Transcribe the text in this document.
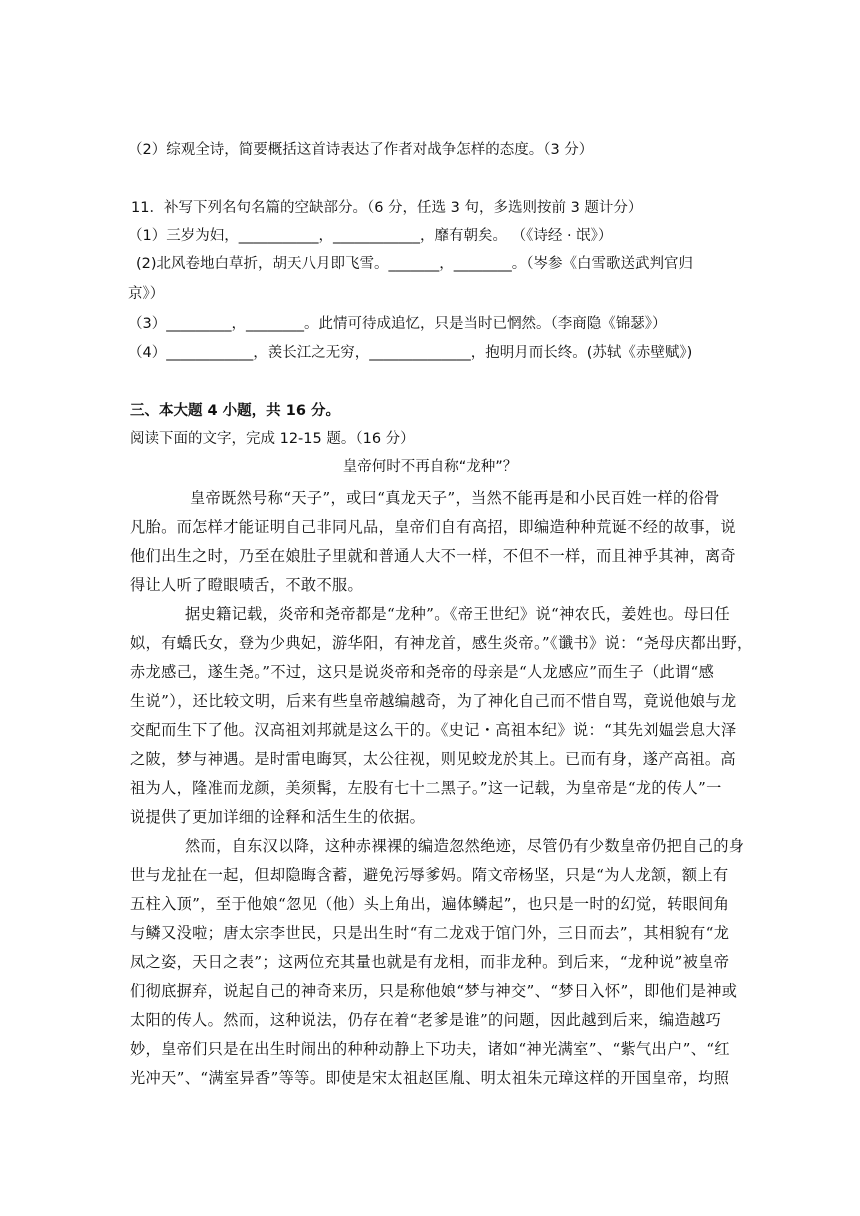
（2）综观全诗，简要概括这首诗表达了作者对战争怎样的态度。（3 分）
11．补写下列名句名篇的空缺部分。（6 分，任选 3 句，多选则按前 3 题计分）
（1）三岁为妇，___________，____________，靡有朝矣。 （《诗经 · 氓》）
(2)北风卷地白草折，胡天八月即飞雪。_______，________。（岑参《白雪歌送武判官归
京》）
（3）_________，________。此情可待成追忆，只是当时已惘然。（李商隐《锦瑟》）
（4）____________，羡长江之无穷，______________，抱明月而长终。(苏轼《赤壁赋》)
三、本大题 4 小题，共 16 分。
阅读下面的文字，完成 12-15 题。（16 分）
皇帝何时不再自称“龙种”？
皇帝既然号称“天子”，或曰“真龙天子”，当然不能再是和小民百姓一样的俗骨
凡胎。而怎样才能证明自己非同凡品，皇帝们自有高招，即编造种种荒诞不经的故事，说
他们出生之时，乃至在娘肚子里就和普通人大不一样，不但不一样，而且神乎其神，离奇
得让人听了瞪眼啧舌，不敢不服。
据史籍记载，炎帝和尧帝都是“龙种”。《帝王世纪》说“神农氏，姜姓也。母曰任
姒，有蟜氏女，登为少典妃，游华阳，有神龙首，感生炎帝。”《谶书》说：“尧母庆都出野，
赤龙感己，遂生尧。”不过，这只是说炎帝和尧帝的母亲是“人龙感应”而生子（此谓“感
生说”），还比较文明，后来有些皇帝越编越奇，为了神化自己而不惜自骂，竟说他娘与龙
交配而生下了他。汉高祖刘邦就是这么干的。《史记・高祖本纪》说：“其先刘媪尝息大泽
之陂，梦与神遇。是时雷电晦冥，太公往视，则见蛟龙於其上。已而有身，遂产高祖。高
祖为人，隆准而龙颜，美须髯，左股有七十二黑子。”这一记载，为皇帝是“龙的传人”一
说提供了更加详细的诠释和活生生的依据。
然而，自东汉以降，这种赤裸裸的编造忽然绝迹，尽管仍有少数皇帝仍把自己的身
世与龙扯在一起，但却隐晦含蓄，避免污辱爹妈。隋文帝杨坚，只是“为人龙颔，额上有
五柱入顶”，至于他娘“忽见（他）头上角出，遍体鳞起”，也只是一时的幻觉，转眼间角
与鳞又没啦；唐太宗李世民，只是出生时“有二龙戏于馆门外，三日而去”，其相貌有“龙
凤之姿，天日之表”；这两位充其量也就是有龙相，而非龙种。到后来，“龙种说”被皇帝
们彻底摒弃，说起自己的神奇来历，只是称他娘“梦与神交”、“梦日入怀”，即他们是神或
太阳的传人。然而，这种说法，仍存在着“老爹是谁”的问题，因此越到后来，编造越巧
妙，皇帝们只是在出生时闹出的种种动静上下功夫，诸如“神光满室”、“紫气出户”、“红
光冲天”、“满室异香”等等。即使是宋太祖赵匡胤、明太祖朱元璋这样的开国皇帝，均照
